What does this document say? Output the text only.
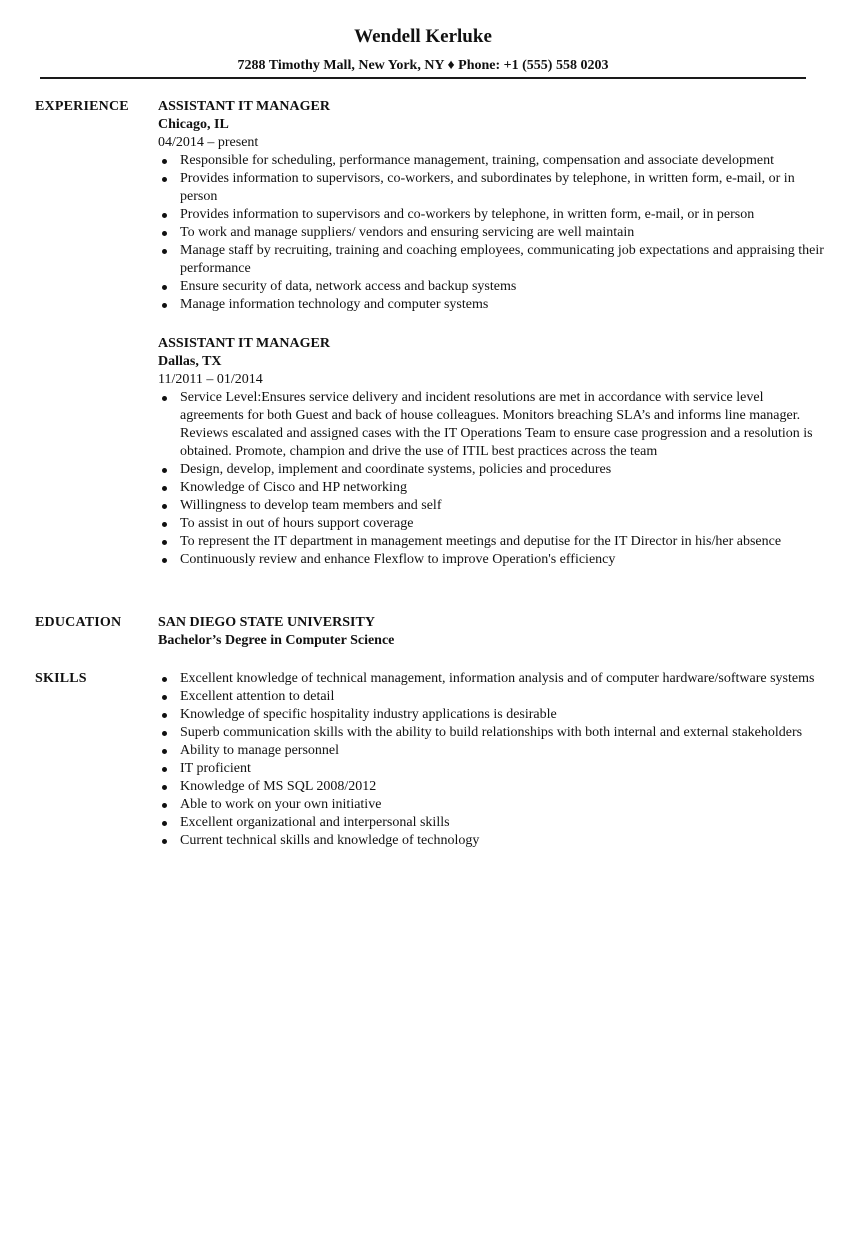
Wendell Kerluke
7288 Timothy Mall, New York, NY ♦ Phone: +1 (555) 558 0203
EXPERIENCE ASSISTANT IT MANAGER
Chicago, IL
04/2014 – present
Responsible for scheduling, performance management, training, compensation and associate development
Provides information to supervisors, co-workers, and subordinates by telephone, in written form, e-mail, or in person
Provides information to supervisors and co-workers by telephone, in written form, e-mail, or in person
To work and manage suppliers/ vendors and ensuring servicing are well maintain
Manage staff by recruiting, training and coaching employees, communicating job expectations and appraising their performance
Ensure security of data, network access and backup systems
Manage information technology and computer systems
ASSISTANT IT MANAGER
Dallas, TX
11/2011 – 01/2014
Service Level:Ensures service delivery and incident resolutions are met in accordance with service level agreements for both Guest and back of house colleagues. Monitors breaching SLA’s and informs line manager. Reviews escalated and assigned cases with the IT Operations Team to ensure case progression and a resolution is obtained. Promote, champion and drive the use of ITIL best practices across the team
Design, develop, implement and coordinate systems, policies and procedures
Knowledge of Cisco and HP networking
Willingness to develop team members and self
To assist in out of hours support coverage
To represent the IT department in management meetings and deputise for the IT Director in his/her absence
Continuously review and enhance Flexflow to improve Operation's efficiency
EDUCATION	SAN DIEGO STATE UNIVERSITY
Bachelor’s Degree in Computer Science
SKILLS	Excellent knowledge of technical management, information analysis and of computer hardware/software systems
Excellent attention to detail
Knowledge of specific hospitality industry applications is desirable
Superb communication skills with the ability to build relationships with both internal and external stakeholders
Ability to manage personnel
IT proficient
Knowledge of MS SQL 2008/2012
Able to work on your own initiative
Excellent organizational and interpersonal skills
Current technical skills and knowledge of technology
